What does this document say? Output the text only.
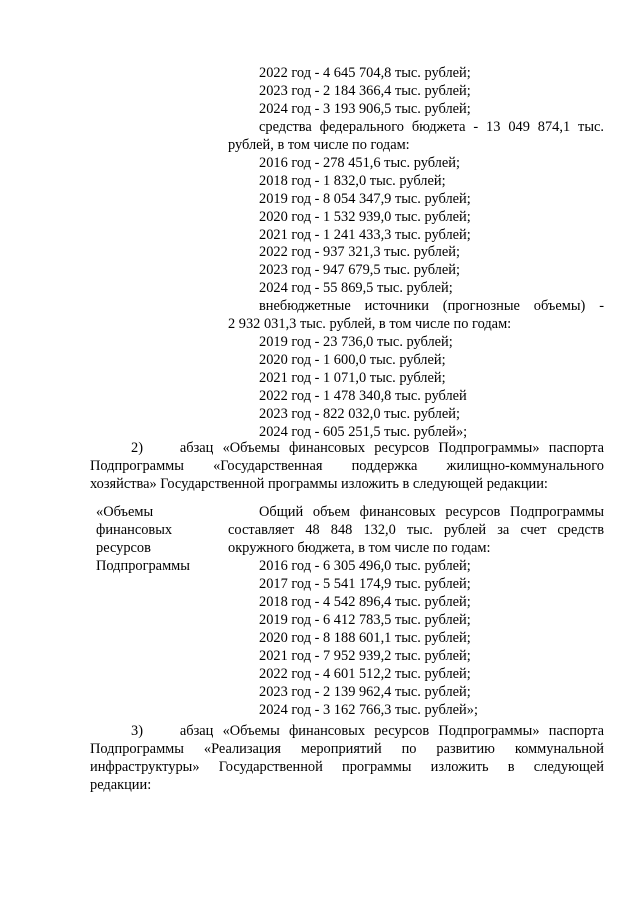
2022 год - 4 645 704,8 тыс. рублей;
2023 год - 2 184 366,4 тыс. рублей;
2024 год - 3 193 906,5 тыс. рублей;
средства федерального бюджета - 13 049 874,1 тыс.
рублей, в том числе по годам:
2016 год - 278 451,6 тыс. рублей;
2018 год - 1 832,0 тыс. рублей;
2019 год - 8 054 347,9 тыс. рублей;
2020 год - 1 532 939,0 тыс. рублей;
2021 год - 1 241 433,3 тыс. рублей;
2022 год - 937 321,3 тыс. рублей;
2023 год - 947 679,5 тыс. рублей;
2024 год - 55 869,5 тыс. рублей;
внебюджетные источники (прогнозные объемы) -
2 932 031,3 тыс. рублей, в том числе по годам:
2019 год - 23 736,0 тыс. рублей;
2020 год - 1 600,0 тыс. рублей;
2021 год - 1 071,0 тыс. рублей;
2022 год - 1 478 340,8 тыс. рублей
2023 год - 822 032,0 тыс. рублей;
2024 год - 605 251,5 тыс. рублей»;
2)    абзац «Объемы финансовых ресурсов Подпрограммы» паспорта
Подпрограммы «Государственная поддержка жилищно-коммунального
хозяйства» Государственной программы изложить в следующей редакции:
«Объемы
финансовых
ресурсов
Подпрограммы
Общий объем финансовых ресурсов Подпрограммы
составляет 48 848 132,0 тыс. рублей за счет средств
окружного бюджета, в том числе по годам:
2016 год - 6 305 496,0 тыс. рублей;
2017 год - 5 541 174,9 тыс. рублей;
2018 год - 4 542 896,4 тыс. рублей;
2019 год - 6 412 783,5 тыс. рублей;
2020 год - 8 188 601,1 тыс. рублей;
2021 год - 7 952 939,2 тыс. рублей;
2022 год - 4 601 512,2 тыс. рублей;
2023 год - 2 139 962,4 тыс. рублей;
2024 год - 3 162 766,3 тыс. рублей»;
3)    абзац «Объемы финансовых ресурсов Подпрограммы» паспорта
Подпрограммы «Реализация мероприятий по развитию коммунальной
инфраструктуры» Государственной программы изложить в следующей
редакции:
